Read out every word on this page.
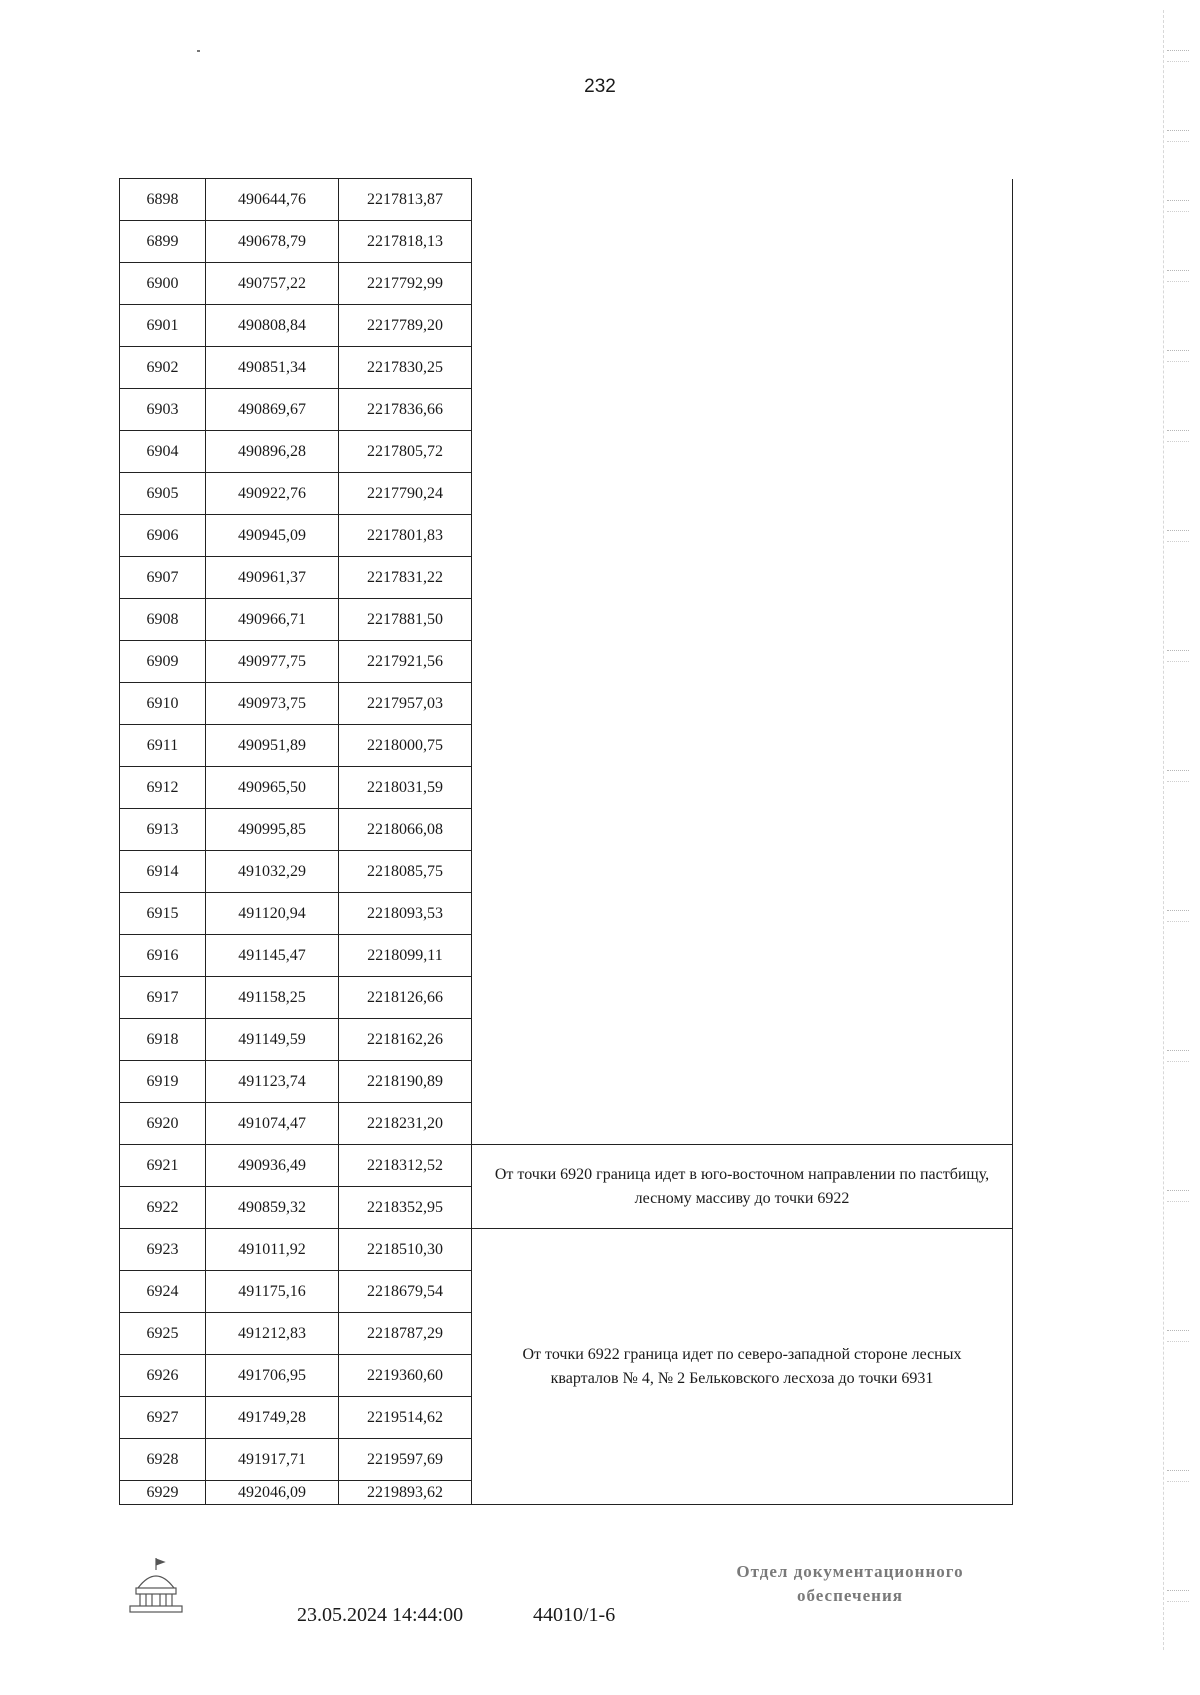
232
6898	490644,76	2217813,87	
6899	490678,79	2217818,13	
6900	490757,22	2217792,99	
6901	490808,84	2217789,20	
6902	490851,34	2217830,25	
6903	490869,67	2217836,66	
6904	490896,28	2217805,72	
6905	490922,76	2217790,24	
6906	490945,09	2217801,83	
6907	490961,37	2217831,22	
6908	490966,71	2217881,50	
6909	490977,75	2217921,56	
6910	490973,75	2217957,03	
6911	490951,89	2218000,75	
6912	490965,50	2218031,59	
6913	490995,85	2218066,08	
6914	491032,29	2218085,75	
6915	491120,94	2218093,53	
6916	491145,47	2218099,11	
6917	491158,25	2218126,66	
6918	491149,59	2218162,26	
6919	491123,74	2218190,89	
6920	491074,47	2218231,20	
6921	490936,49	2218312,52	От точки 6920 граница идет в юго-восточном направлении по пастбищу, лесному массиву до точки 6922
6922	490859,32	2218352,95	
6923	491011,92	2218510,30	От точки 6922 граница идет по северо-западной стороне лесных кварталов № 4, № 2 Бельковского лесхоза до точки 6931
6924	491175,16	2218679,54	
6925	491212,83	2218787,29	
6926	491706,95	2219360,60	
6927	491749,28	2219514,62	
6928	491917,71	2219597,69	
6929	492046,09	2219893,62	
23.05.2024 14:44:00	44010/1-6
Отдел документационного
обеспечения
